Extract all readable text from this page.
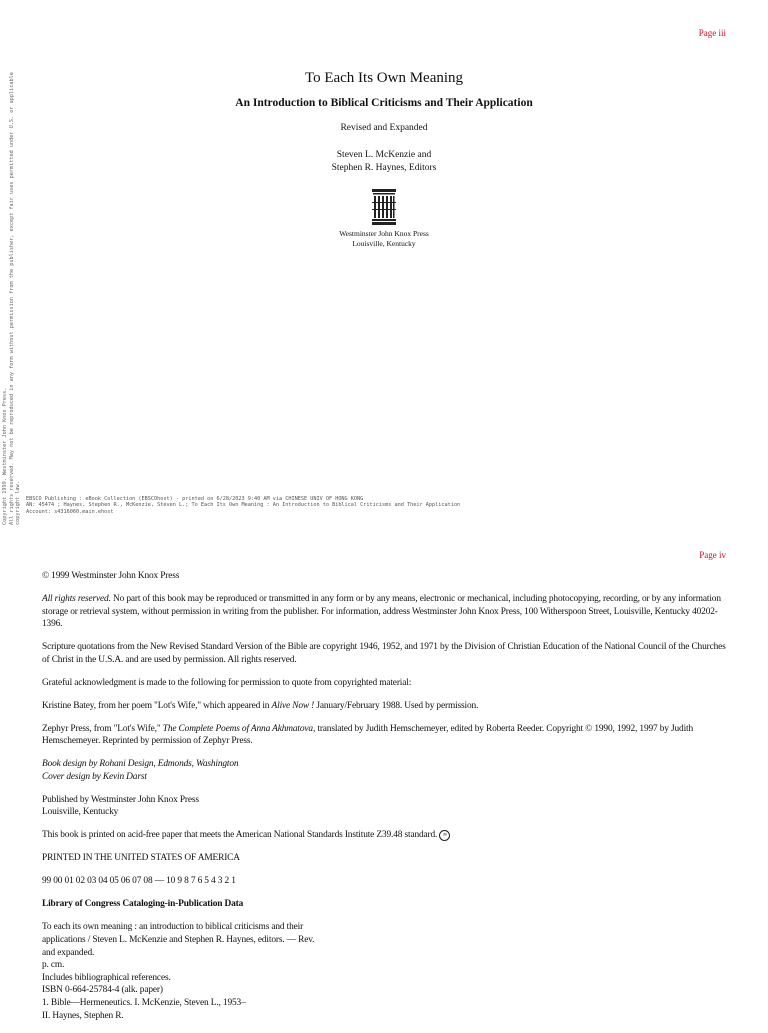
Page iii
Copyright 1999. Westminster John Knox Press. All rights reserved. May not be reproduced in any form without permission from the publisher, except fair uses permitted under U.S. or applicable copyright law.
To Each Its Own Meaning
An Introduction to Biblical Criticisms and Their Application

Revised and Expanded

Steven L. McKenzie and
Stephen R. Haynes, Editors
Westminster John Knox Press
Louisville, Kentucky
EBSCO Publishing : eBook Collection (EBSCOhost) - printed on 6/28/2023 9:40 AM via CHINESE UNIV OF HONG KONG
AN: 45474 ; Haynes, Stephen R., McKenzie, Steven L.; To Each Its Own Meaning : An Introduction to Biblical Criticisms and Their Application
Account: s4316060.main.ehost
Page iv

© 1999 Westminster John Knox Press

All rights reserved. No part of this book may be reproduced or transmitted in any form or by any means, electronic or mechanical, including photocopying, recording, or by any information storage or retrieval system, without permission in writing from the publisher. For information, address Westminster John Knox Press, 100 Witherspoon Street, Louisville, Kentucky 40202-1396.

Scripture quotations from the New Revised Standard Version of the Bible are copyright 1946, 1952, and 1971 by the Division of Christian Education of the National Council of the Churches of Christ in the U.S.A. and are used by permission. All rights reserved.

Grateful acknowledgment is made to the following for permission to quote from copyrighted material:

Kristine Batey, from her poem "Lot's Wife," which appeared in Alive Now ! January/February 1988. Used by permission.

Zephyr Press, from "Lot's Wife," The Complete Poems of Anna Akhmatova, translated by Judith Hemschemeyer, edited by Roberta Reeder. Copyright © 1990, 1992, 1997 by Judith Hemschemeyer. Reprinted by permission of Zephyr Press.

Book design by Rohani Design, Edmonds, Washington
Cover design by Kevin Darst

Published by Westminster John Knox Press
Louisville, Kentucky

This book is printed on acid-free paper that meets the American National Standards Institute Z39.48 standard. ∞

PRINTED IN THE UNITED STATES OF AMERICA

99 00 01 02 03 04 05 06 07 08 — 10 9 8 7 6 5 4 3 2 1

Library of Congress Cataloging-in-Publication Data

To each its own meaning : an introduction to biblical criticisms and their
applications / Steven L. McKenzie and Stephen R. Haynes, editors. — Rev.
and expanded.
p. cm.
Includes bibliographical references.
ISBN 0-664-25784-4 (alk. paper)
1. Bible—Hermeneutics. I. McKenzie, Steven L., 1953–
II. Haynes, Stephen R.
